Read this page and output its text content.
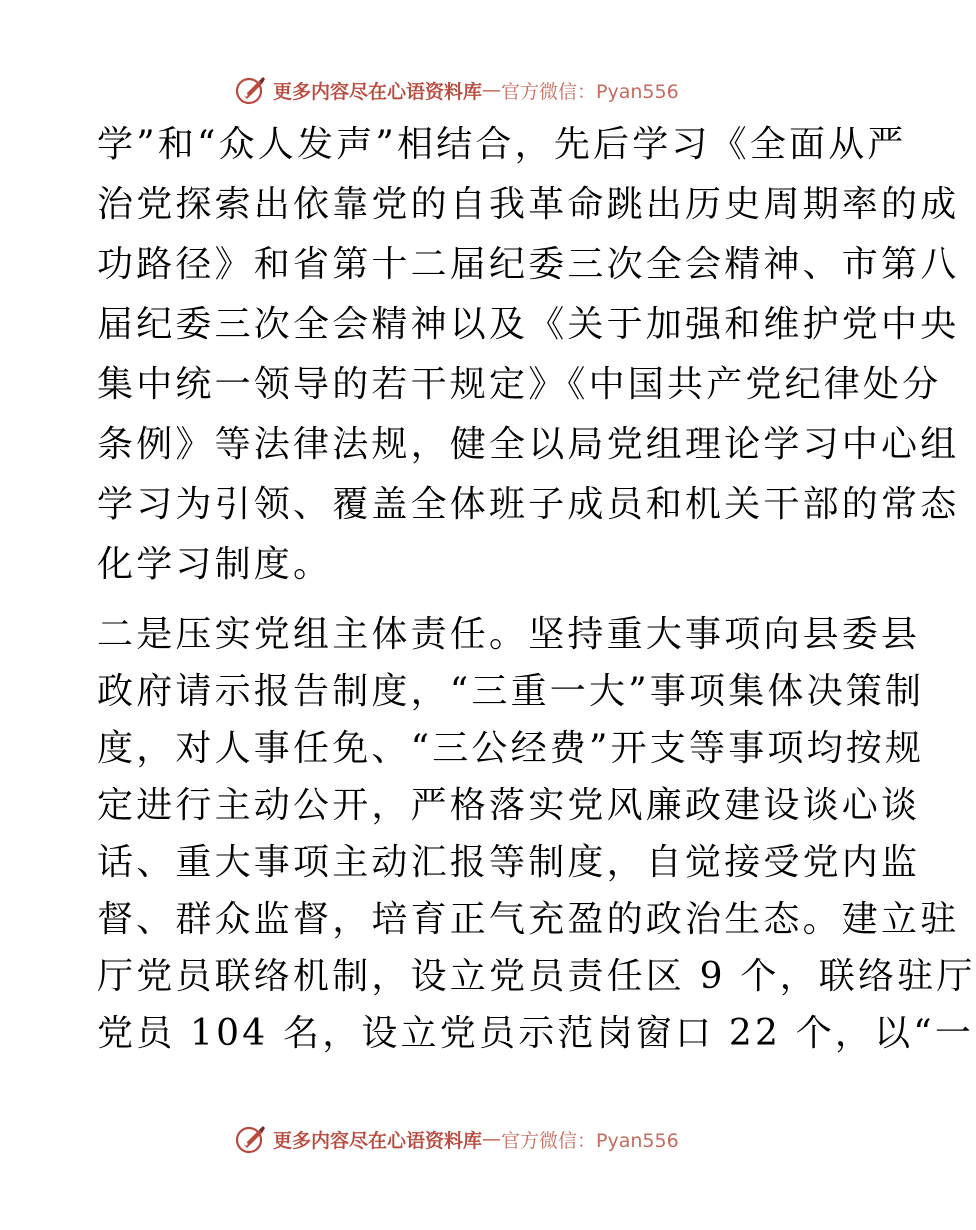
更多内容尽在心语资料库 — 官方微信：Pyan556
学”和“众人发声”相结合，先后学习《全面从严
治党探索出依靠党的自我革命跳出历史周期率的成
功路径》和省第十二届纪委三次全会精神、市第八
届纪委三次全会精神以及《关于加强和维护党中央
集中统一领导的若干规定》《中国共产党纪律处分
条例》等法律法规，健全以局党组理论学习中心组
学习为引领、覆盖全体班子成员和机关干部的常态
化学习制度。
二是压实党组主体责任。坚持重大事项向县委县
政府请示报告制度，“三重一大”事项集体决策制
度，对人事任免、“三公经费”开支等事项均按规
定进行主动公开，严格落实党风廉政建设谈心谈
话、重大事项主动汇报等制度，自觉接受党内监
督、群众监督，培育正气充盈的政治生态。建立驻
厅党员联络机制，设立党员责任区 9 个，联络驻厅
党员 104 名，设立党员示范岗窗口 22 个，以“一
更多内容尽在心语资料库 — 官方微信：Pyan556
